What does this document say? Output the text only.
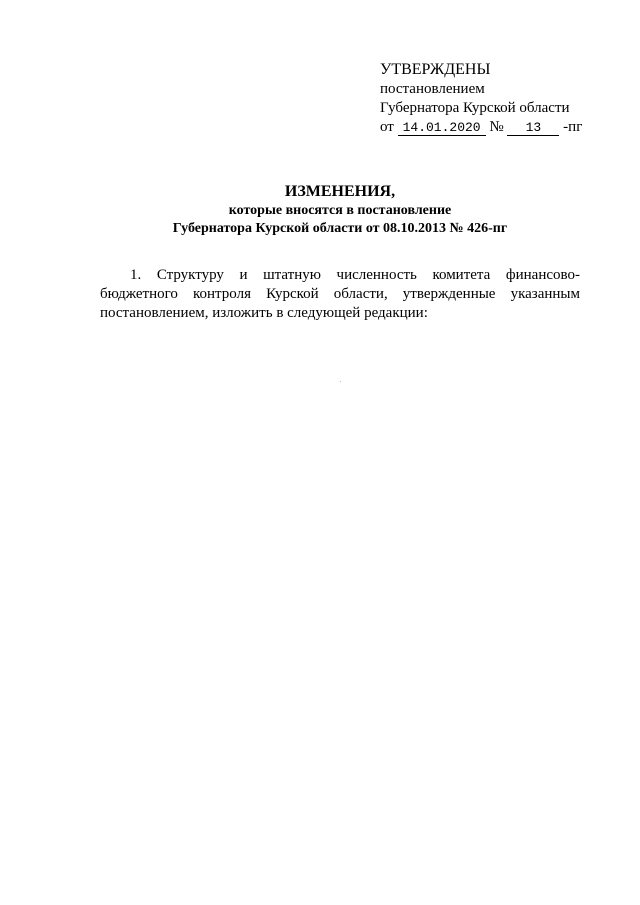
УТВЕРЖДЕНЫ
постановлением
Губернатора Курской области
от 14.01.2020 № 13 -пг
ИЗМЕНЕНИЯ,
которые вносятся в постановление
Губернатора Курской области от 08.10.2013 № 426-пг

1. Структуру и штатную численность комитета финансово-бюджетного контроля Курской области, утвержденные указанным постановлением, изложить в следующей редакции:
